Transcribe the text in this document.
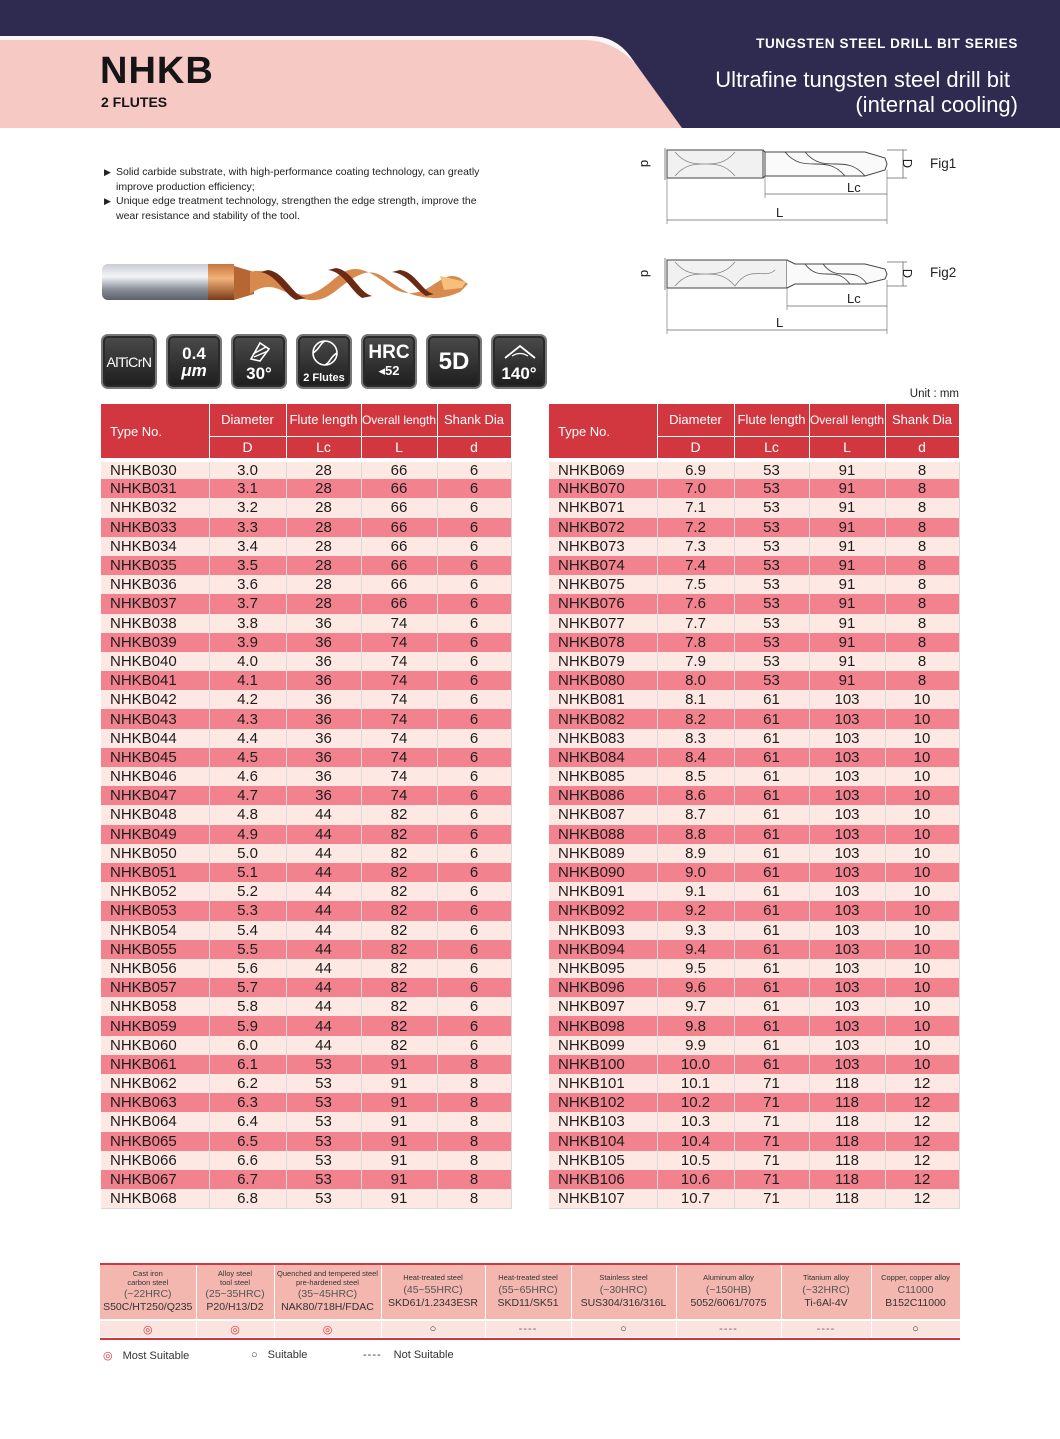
NHKB
2 FLUTES
TUNGSTEN STEEL DRILL BIT SERIES
Ultrafine tungsten steel drill bit
(internal cooling)
▶ Solid carbide substrate, with high-performance coating technology, can greatly improve production efficiency;
▶ Unique edge treatment technology, strengthen the edge strength, improve the wear resistance and stability of the tool.
AlTiCrN 0.4
μm 30°	2 Flutes
HRC
◂52 5D 140°
d	D
Lc
L
Fig1
d	D
Lc
L
Fig2
Unit : mm
Type No.	Diameter	Flute length	Overall length	Shank Dia
	D	Lc	L	d
NHKB030	3.0	28	66	6
NHKB031	3.1	28	66	6
NHKB032	3.2	28	66	6
NHKB033	3.3	28	66	6
NHKB034	3.4	28	66	6
NHKB035	3.5	28	66	6
NHKB036	3.6	28	66	6
NHKB037	3.7	28	66	6
NHKB038	3.8	36	74	6
NHKB039	3.9	36	74	6
NHKB040	4.0	36	74	6
NHKB041	4.1	36	74	6
NHKB042	4.2	36	74	6
NHKB043	4.3	36	74	6
NHKB044	4.4	36	74	6
NHKB045	4.5	36	74	6
NHKB046	4.6	36	74	6
NHKB047	4.7	36	74	6
NHKB048	4.8	44	82	6
NHKB049	4.9	44	82	6
NHKB050	5.0	44	82	6
NHKB051	5.1	44	82	6
NHKB052	5.2	44	82	6
NHKB053	5.3	44	82	6
NHKB054	5.4	44	82	6
NHKB055	5.5	44	82	6
NHKB056	5.6	44	82	6
NHKB057	5.7	44	82	6
NHKB058	5.8	44	82	6
NHKB059	5.9	44	82	6
NHKB060	6.0	44	82	6
NHKB061	6.1	53	91	8
NHKB062	6.2	53	91	8
NHKB063	6.3	53	91	8
NHKB064	6.4	53	91	8
NHKB065	6.5	53	91	8
NHKB066	6.6	53	91	8
NHKB067	6.7	53	91	8
NHKB068	6.8	53	91	8
Type No.	Diameter	Flute length	Overall length	Shank Dia
	D	Lc	L	d
NHKB069	6.9	53	91	8
NHKB070	7.0	53	91	8
NHKB071	7.1	53	91	8
NHKB072	7.2	53	91	8
NHKB073	7.3	53	91	8
NHKB074	7.4	53	91	8
NHKB075	7.5	53	91	8
NHKB076	7.6	53	91	8
NHKB077	7.7	53	91	8
NHKB078	7.8	53	91	8
NHKB079	7.9	53	91	8
NHKB080	8.0	53	91	8
NHKB081	8.1	61	103	10
NHKB082	8.2	61	103	10
NHKB083	8.3	61	103	10
NHKB084	8.4	61	103	10
NHKB085	8.5	61	103	10
NHKB086	8.6	61	103	10
NHKB087	8.7	61	103	10
NHKB088	8.8	61	103	10
NHKB089	8.9	61	103	10
NHKB090	9.0	61	103	10
NHKB091	9.1	61	103	10
NHKB092	9.2	61	103	10
NHKB093	9.3	61	103	10
NHKB094	9.4	61	103	10
NHKB095	9.5	61	103	10
NHKB096	9.6	61	103	10
NHKB097	9.7	61	103	10
NHKB098	9.8	61	103	10
NHKB099	9.9	61	103	10
NHKB100	10.0	61	103	10
NHKB101	10.1	71	118	12
NHKB102	10.2	71	118	12
NHKB103	10.3	71	118	12
NHKB104	10.4	71	118	12
NHKB105	10.5	71	118	12
NHKB106	10.6	71	118	12
NHKB107	10.7	71	118	12
Cast iron
carbon steel
(~22HRC)
S50C/HT250/Q235	Alloy steel
tool steel
(25~35HRC)
P20/H13/D2	Quenched and tempered steel
pre-hardened steel
(35~45HRC)
NAK80/718H/FDAC	Heat-treated steel
(45~55HRC)
SKD61/1.2343ESR	Heat-treated steel
(55~65HRC)
SKD11/SK51	Stainless steel
(~30HRC)
SUS304/316/316L	Aluminum alloy
(~150HB)
5052/6061/7075	Titanium alloy
(~32HRC)
Ti-6Al-4V	Copper, copper alloy
C11000
B152C11000

◎	◎	◎	○	----	○	----	----	○
◎ Most Suitable	○ Suitable	---- Not Suitable
